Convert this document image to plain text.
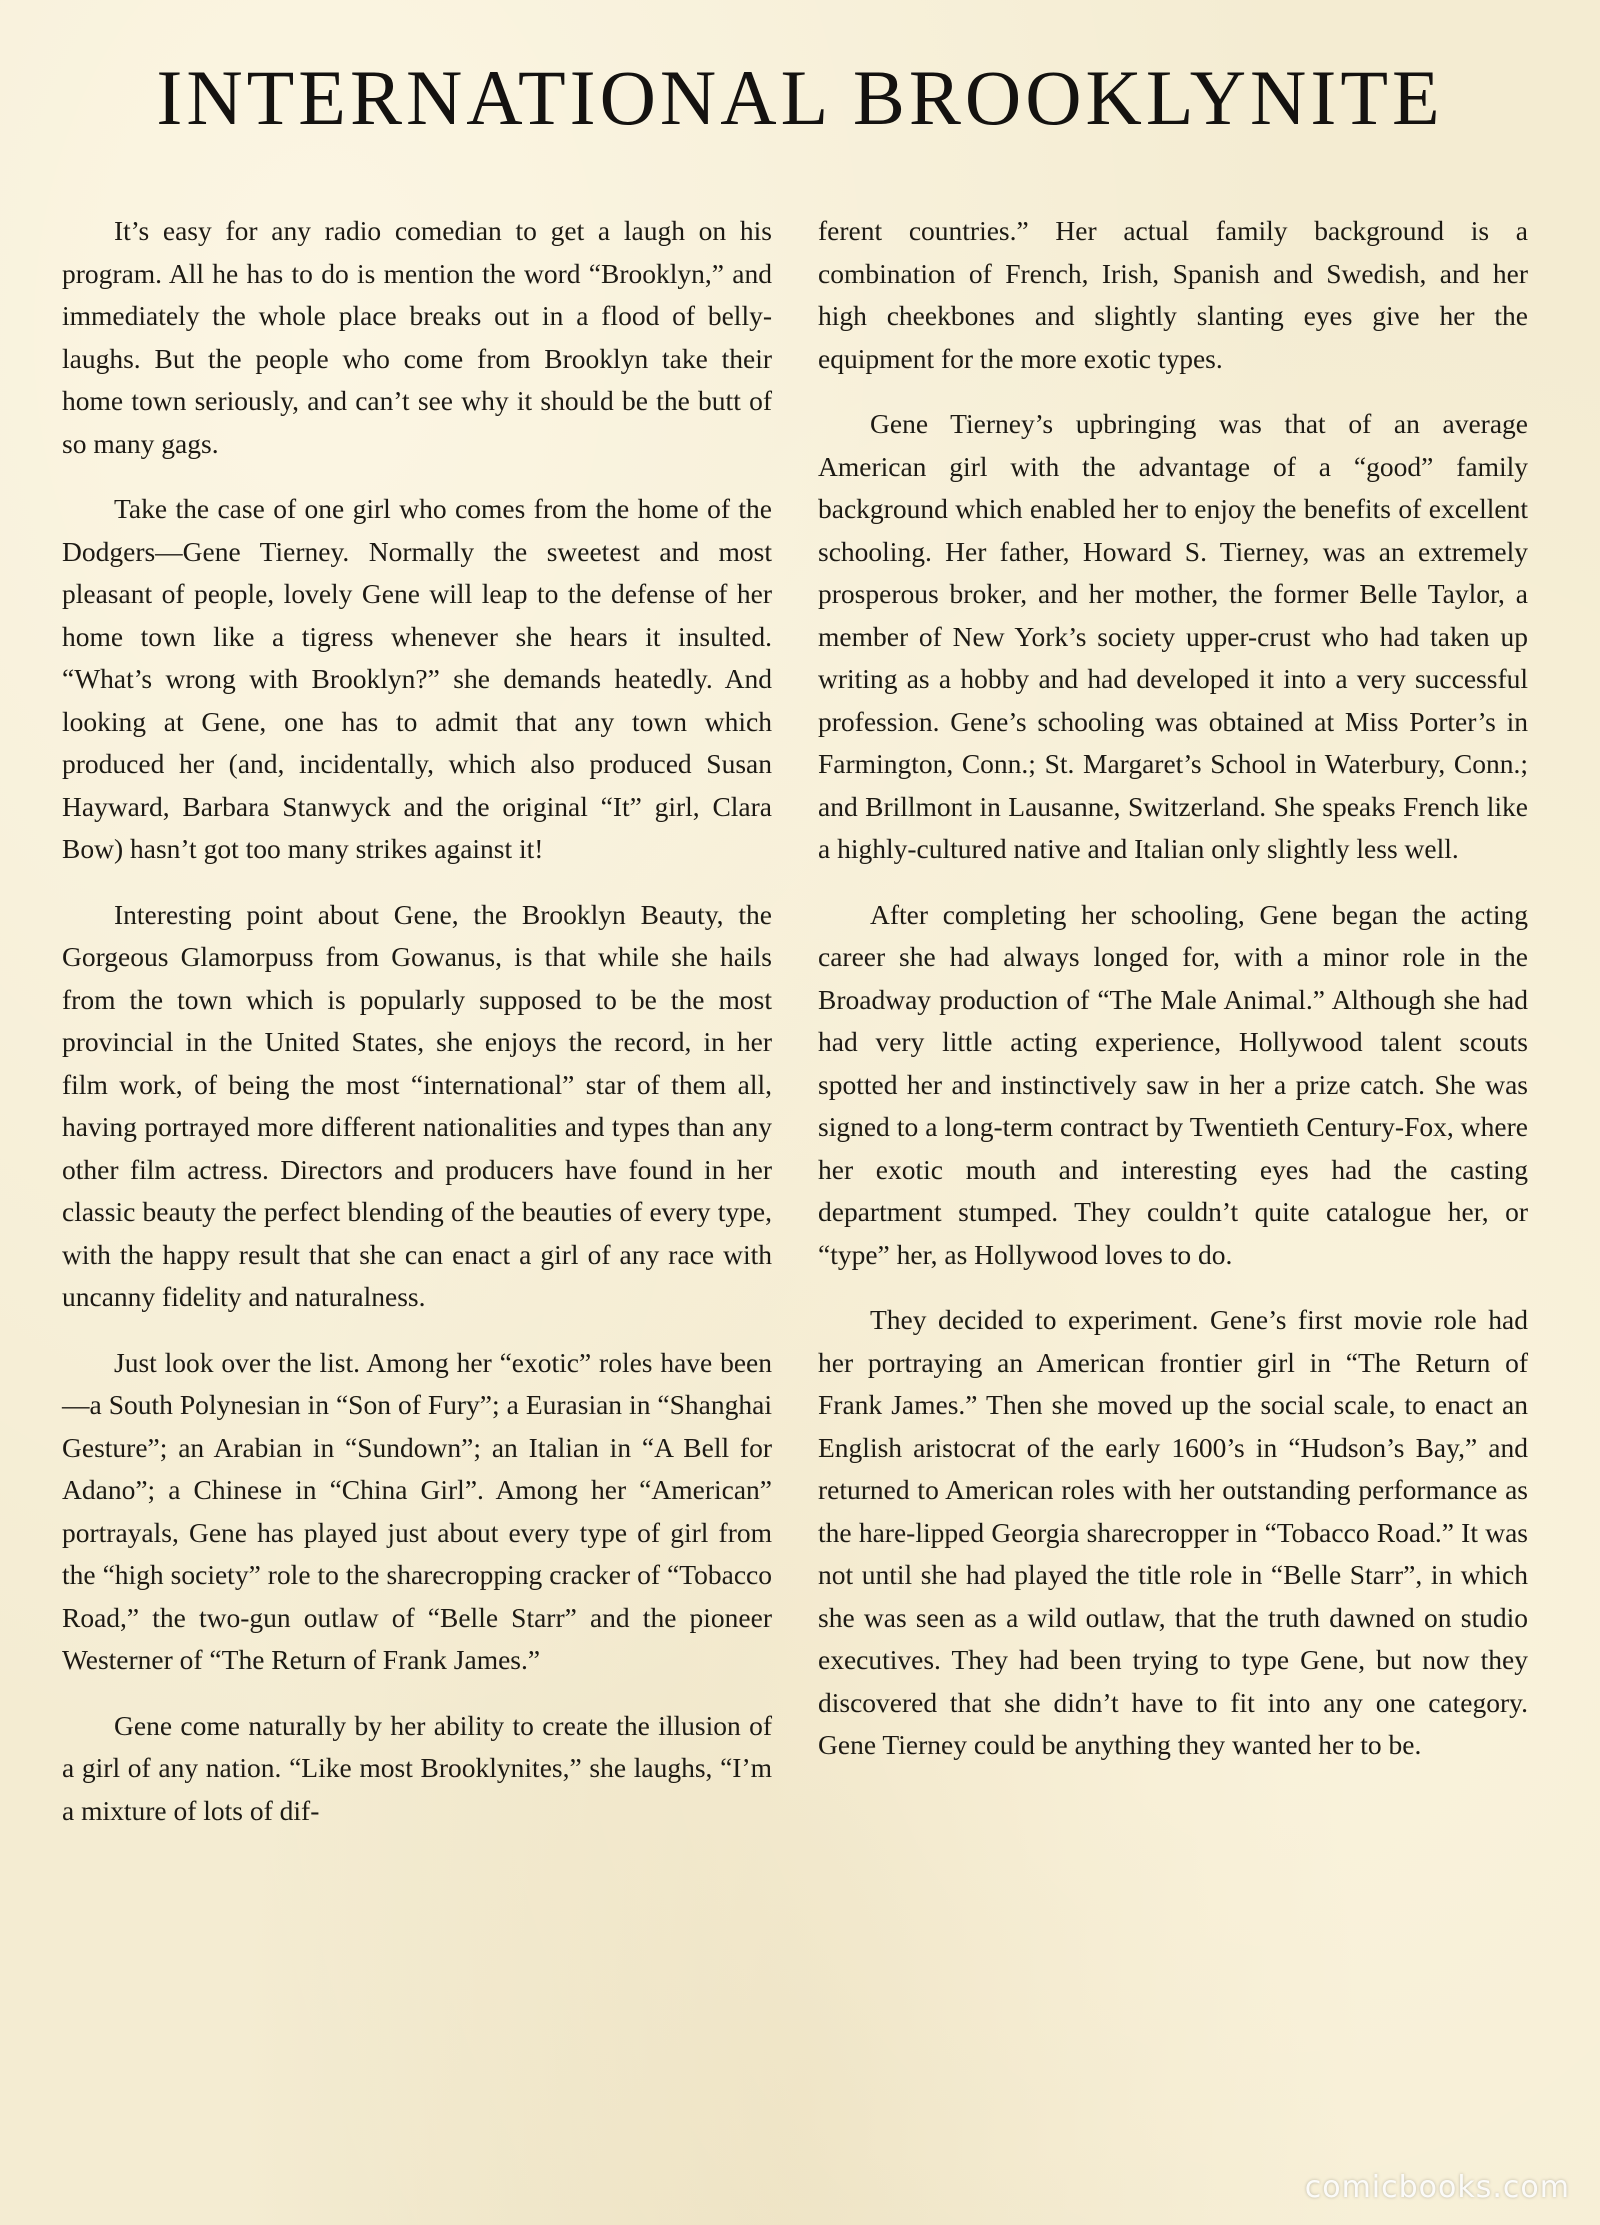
INTERNATIONAL BROOKLYNITE

It’s easy for any radio comedian to get a laugh on his program. All he has to do is mention the word “Brooklyn,” and immediately the whole place breaks out in a flood of belly-laughs. But the people who come from Brooklyn take their home town seriously, and can’t see why it should be the butt of so many gags.

Take the case of one girl who comes from the home of the Dodgers—Gene Tierney. Normally the sweetest and most pleasant of people, lovely Gene will leap to the defense of her home town like a tigress whenever she hears it insulted. “What’s wrong with Brooklyn?” she demands heatedly. And looking at Gene, one has to admit that any town which produced her (and, incidentally, which also produced Susan Hayward, Barbara Stanwyck and the original “It” girl, Clara Bow) hasn’t got too many strikes against it!

Interesting point about Gene, the Brooklyn Beauty, the Gorgeous Glamorpuss from Gowanus, is that while she hails from the town which is popularly supposed to be the most provincial in the United States, she enjoys the record, in her film work, of being the most “international” star of them all, having portrayed more different nationalities and types than any other film actress. Directors and producers have found in her classic beauty the perfect blending of the beauties of every type, with the happy result that she can enact a girl of any race with uncanny fidelity and naturalness.

Just look over the list. Among her “exotic” roles have been—a South Polynesian in “Son of Fury”; a Eurasian in “Shanghai Gesture”; an Arabian in “Sundown”; an Italian in “A Bell for Adano”; a Chinese in “China Girl”. Among her “American” portrayals, Gene has played just about every type of girl from the “high society” role to the sharecropping cracker of “Tobacco Road,” the two-gun outlaw of “Belle Starr” and the pioneer Westerner of “The Return of Frank James.”

Gene come naturally by her ability to create the illusion of a girl of any nation. “Like most Brooklynites,” she laughs, “I’m a mixture of lots of dif-

ferent countries.” Her actual family background is a combination of French, Irish, Spanish and Swedish, and her high cheekbones and slightly slanting eyes give her the equipment for the more exotic types.

Gene Tierney’s upbringing was that of an average American girl with the advantage of a “good” family background which enabled her to enjoy the benefits of excellent schooling. Her father, Howard S. Tierney, was an extremely prosperous broker, and her mother, the former Belle Taylor, a member of New York’s society upper-crust who had taken up writing as a hobby and had developed it into a very successful profession. Gene’s schooling was obtained at Miss Porter’s in Farmington, Conn.; St. Margaret’s School in Waterbury, Conn.; and Brillmont in Lausanne, Switzerland. She speaks French like a highly-cultured native and Italian only slightly less well.

After completing her schooling, Gene began the acting career she had always longed for, with a minor role in the Broadway production of “The Male Animal.” Although she had had very little acting experience, Hollywood talent scouts spotted her and instinctively saw in her a prize catch. She was signed to a long-term contract by Twentieth Century-Fox, where her exotic mouth and interesting eyes had the casting department stumped. They couldn’t quite catalogue her, or “type” her, as Hollywood loves to do.

They decided to experiment. Gene’s first movie role had her portraying an American frontier girl in “The Return of Frank James.” Then she moved up the social scale, to enact an English aristocrat of the early 1600’s in “Hudson’s Bay,” and returned to American roles with her outstanding performance as the hare-lipped Georgia sharecropper in “Tobacco Road.” It was not until she had played the title role in “Belle Starr”, in which she was seen as a wild outlaw, that the truth dawned on studio executives. They had been trying to type Gene, but now they discovered that she didn’t have to fit into any one category. Gene Tierney could be anything they wanted her to be.

comicbooks.com
